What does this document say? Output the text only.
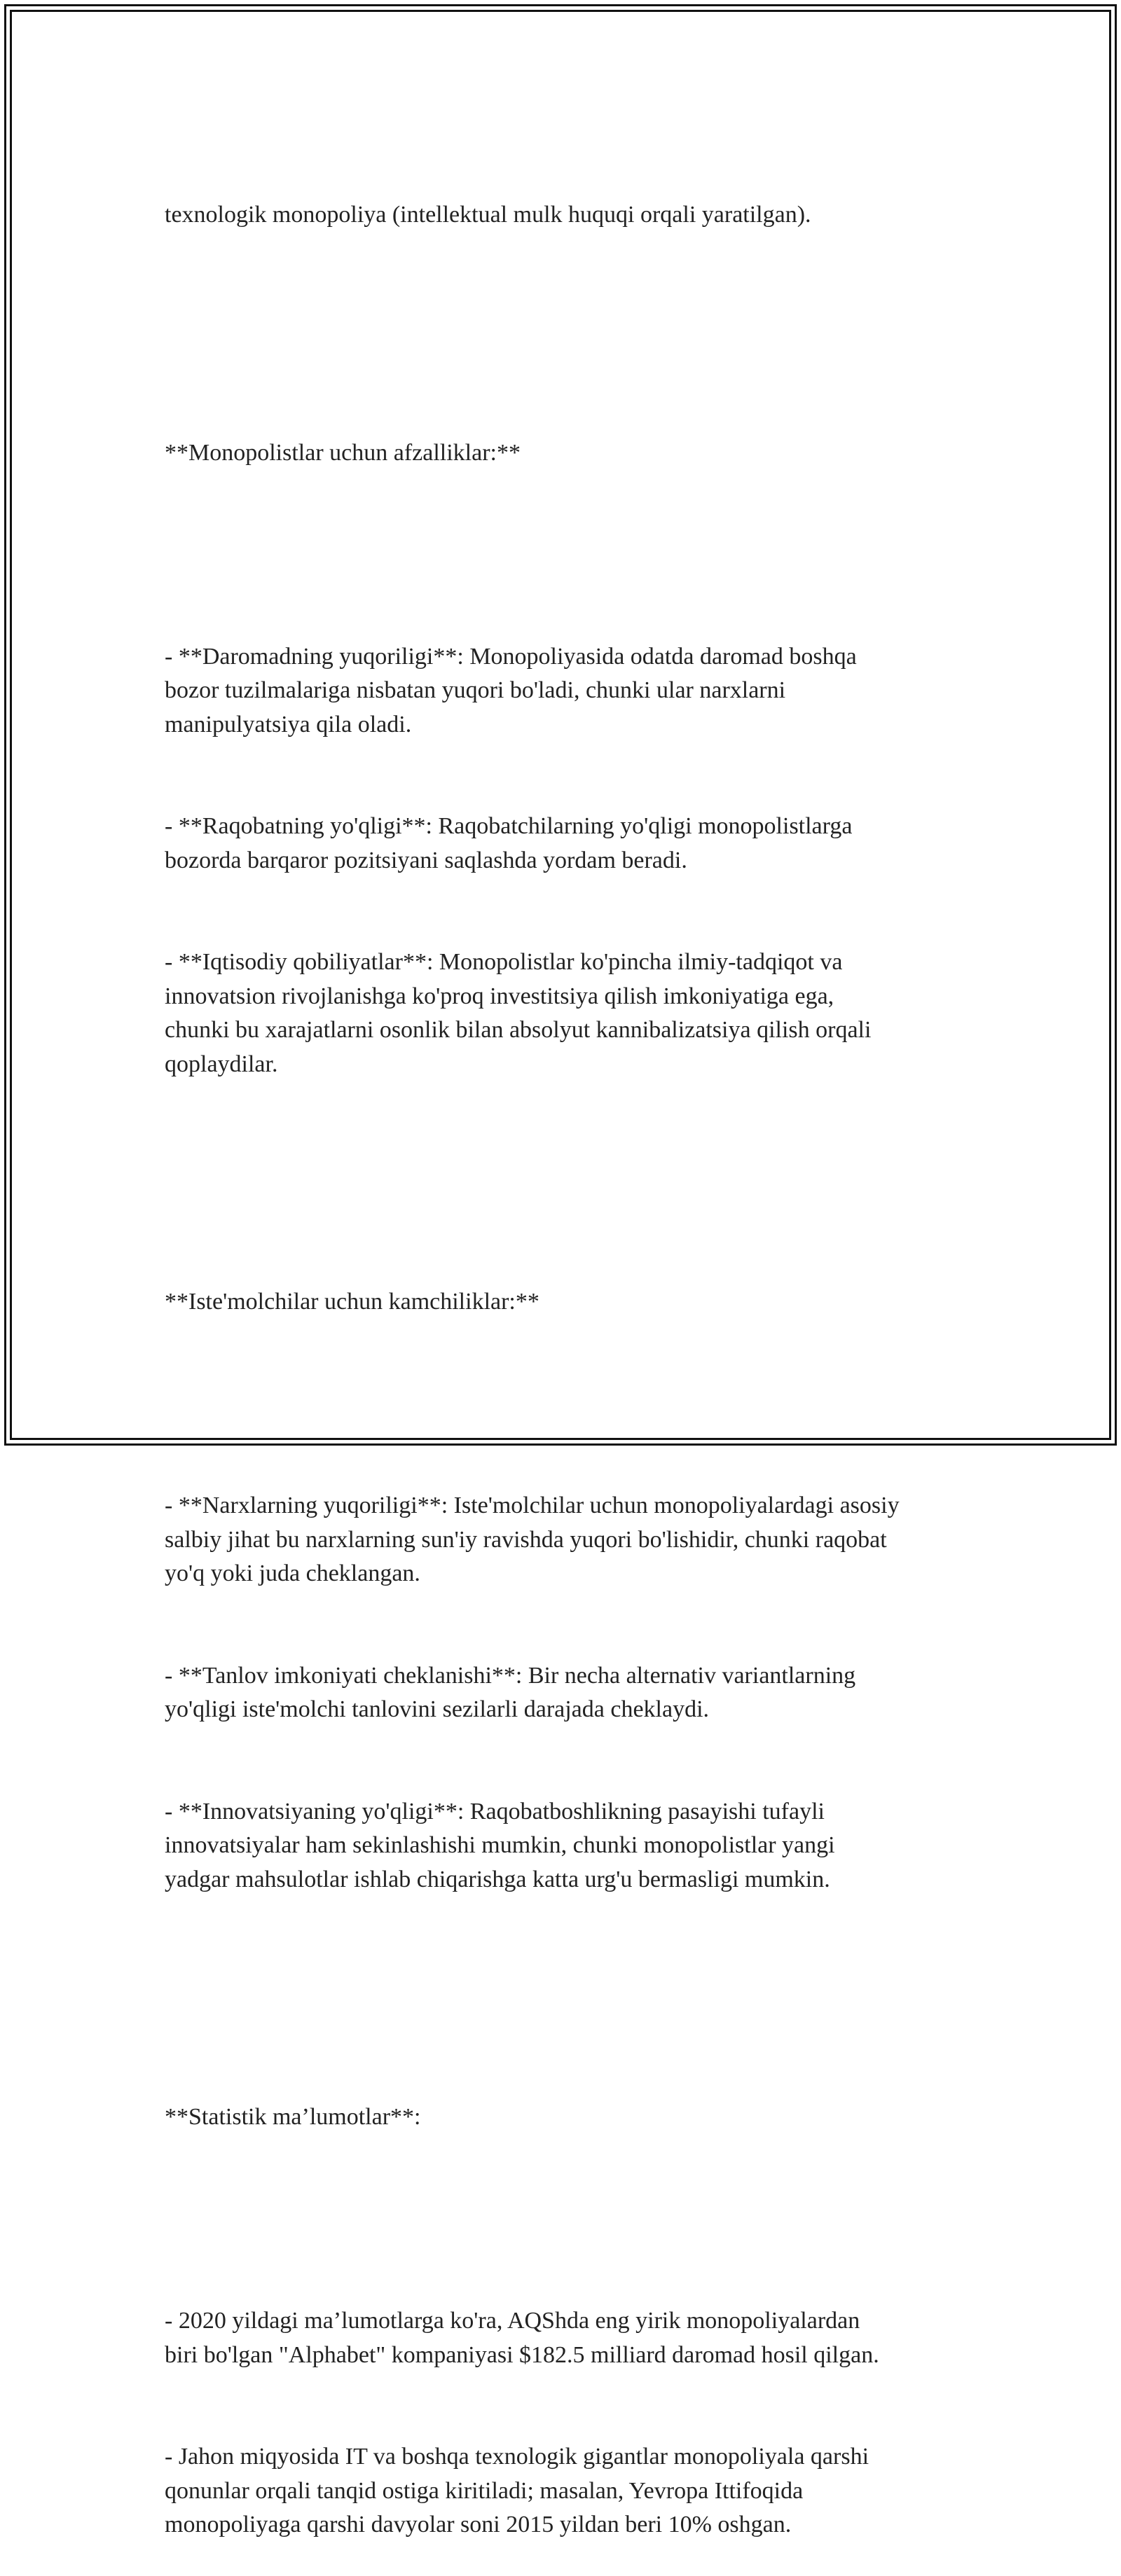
texnologik monopoliya (intellektual mulk huquqi orqali yaratilgan).

**Monopolistlar uchun afzalliklar:**

- **Daromadning yuqoriligi**: Monopoliyasida odatda daromad boshqa
bozor tuzilmalariga nisbatan yuqori bo'ladi, chunki ular narxlarni
manipulyatsiya qila oladi.

- **Raqobatning yo'qligi**: Raqobatchilarning yo'qligi monopolistlarga
bozorda barqaror pozitsiyani saqlashda yordam beradi.

- **Iqtisodiy qobiliyatlar**: Monopolistlar ko'pincha ilmiy-tadqiqot va
innovatsion rivojlanishga ko'proq investitsiya qilish imkoniyatiga ega,
chunki bu xarajatlarni osonlik bilan absolyut kannibalizatsiya qilish orqali
qoplaydilar.

**Iste'molchilar uchun kamchiliklar:**

- **Narxlarning yuqoriligi**: Iste'molchilar uchun monopoliyalardagi asosiy
salbiy jihat bu narxlarning sun'iy ravishda yuqori bo'lishidir, chunki raqobat
yo'q yoki juda cheklangan.

- **Tanlov imkoniyati cheklanishi**: Bir necha alternativ variantlarning
yo'qligi iste'molchi tanlovini sezilarli darajada cheklaydi.

- **Innovatsiyaning yo'qligi**: Raqobatboshlikning pasayishi tufayli
innovatsiyalar ham sekinlashishi mumkin, chunki monopolistlar yangi
yadgar mahsulotlar ishlab chiqarishga katta urg'u bermasligi mumkin.

**Statistik ma’lumotlar**:

- 2020 yildagi ma’lumotlarga ko'ra, AQShda eng yirik monopoliyalardan
biri bo'lgan "Alphabet" kompaniyasi $182.5 milliard daromad hosil qilgan.

- Jahon miqyosida IT va boshqa texnologik gigantlar monopoliyala qarshi
qonunlar orqali tanqid ostiga kiritiladi; masalan, Yevropa Ittifoqida
monopoliyaga qarshi davyolar soni 2015 yildan beri 10% oshgan.
